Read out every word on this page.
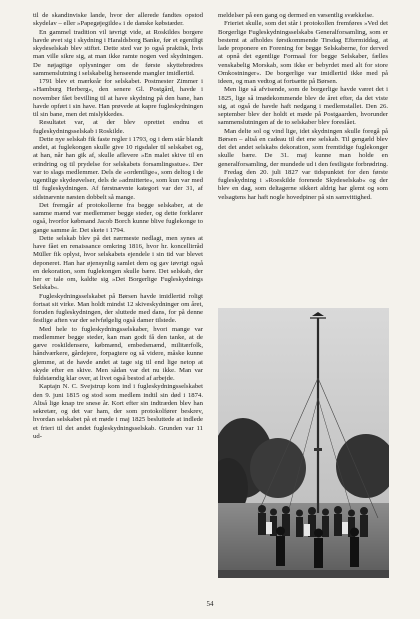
til de skandinviske lande, hvor der allerede fandtes opstod skydelav – eller »Papegøjegilde« i de danske købstæder.

En gammel tradition vil iøvrigt vide, at Roskildes borgere havde øvet sig i skydning i Haraldsborg Banke, før et egentligt skydeselskab blev stiftet. Dette sted var jo også praktisk, hvis man ville sikre sig, at man ikke ramte nogen ved skydningen. De nøjagtige oplysninger om de første skyttebrødres sammenslutning i selskabelig henseende mangler imidlertid.

1791 blev et mærkeår for selskabet. Postmester Zimmer i »Hamburg Herberg«, den senere Gl. Postgård, havde i november fået bevilling til at have skydning på den bane, han havde opført i sin have. Han prøvede at kapre fugleskydningen til sin bane, men det mislykkedes.

Resultatet var, at der blev oprettet endnu et fugleskydningsselskab i Roskilde.

Dette nye selskab fik faste regler i 1793, og i dem står blandt andet, at fuglekongen skulle give 10 rigsdaler til selskabet og, at han, når han gik af, skulle aflevere »En malet skive til en erindring og til prydelse for selskabets forsamlingsstue«. Der var to slags medlemmer. Dels de »ordentlige«, som deltog i de ugentlige skydeøvelser, dels de »admitterte«, som kun var med til fugleskydningen. Af førstnævnte kategori var der 31, af sidstnævnte næsten dobbelt så mange.

Det fremgår af protokollerne fra begge selskaber, at de samme mænd var medlemmer begge steder, og dette forklarer også, hvorfor købmand Jacob Borch kunne blive fuglekonge to gange samme år. Det skete i 1794.

Dette selskab blev på det nærmeste nedlagt, men synes at have fået en renaissance omkring 1816, hvor hr. koncellirråd Müller fik oplyst, hvor selskabets ejendele i sin tid var blevet deponeret. Han har øjensynlig samlet dem og gav iøvrigt også en dekoration, som fuglekongen skulle bære. Det selskab, der her er tale om, kaldte sig »Det Borgerlige Fugleskydnings Selskab«.

Fugleskydningsselskabet på Børsen havde imidlertid roligt fortsat sit virke. Man holdt mindst 12 skiveskydninger om året, foruden fugleskydningen, der sluttede med dans, for på denne festlige aften var der selvfølgelig også damer tilstede.

Med hele to fugleskydningsselskaber, hvori mange var medlemmer begge steder, kan man godt få den tanke, at de gævе roskildensere, købmænd, embedsmænd, militærfolk, håndværkere, gårdejere, forpagtere og så videre, måske kunne glemme, at de havde andet at tage sig til end lige netop at skyde efter en skive. Men sådan var det nu ikke. Man var fuldstændig klar over, at livet også bestod af arbejde.

Kaptajn N. C. Svejstrup kom ind i fugleskydningsselskabet den 9. juni 1815 og stod som medlem indtil sin død i 1874. Altså lige knap tre snese år. Kort efter sin indtræden blev han sekretær, og det var ham, der som protokolfører beskrev, hvordan selskabet på et møde i maj 1825 besluttede at indlede et frieri til det andet fugleskydningsselskab. Grunden var 11 ud-

meldelser på een gang og dermed en væsentlig svækkelse.

Frieriet skulle, som det står i protokollen fremføres »Ved det Borgerlige Fugleskydningsselskabs Generalforsamling, som er bestemt at afholdes førstkommende Tirsdag Eftermiddag, at lade proponere en Forening for begge Selskaberne, for derved at opnå det egentlige Formaal for begge Selskaber, fælles venskabelig Morskab, som ikke er bebyrdet med alt for store Omkostninger«. De borgerlige var imidlertid ikke med på ideen, og man vedtog at fortsætte på Børsen.

Men lige så afvisende, som de borgerlige havde været det i 1825, lige så imødekommende blev de året efter, da det viste sig, at også de havde haft nedgang i medlemstallet. Den 26. september blev der holdt et møde på Postgaarden, hvorunder sammenslutningen af de to selskaber blev foreslået.

Man delte sol og vind lige, idet skydningen skulle foregå på Børsen – altså en cadeau til det ene selskab. Til gengæld blev det det andet selskabs dekoration, som fremtidige fuglekonger skulle bære. De 31. maj kunne man holde en generalforsamling, der mundede ud i den festligste forbrødring.

Fredag den 20. juli 1827 var tidspunktet for den første fugleskydning i »Roeskilde forenede Skydeselskab« og der blev en dag, som deltagerne sikkert aldrig har glemt og som velsagtens har haft nogle hovedpiner på sin samvittighed.

54
